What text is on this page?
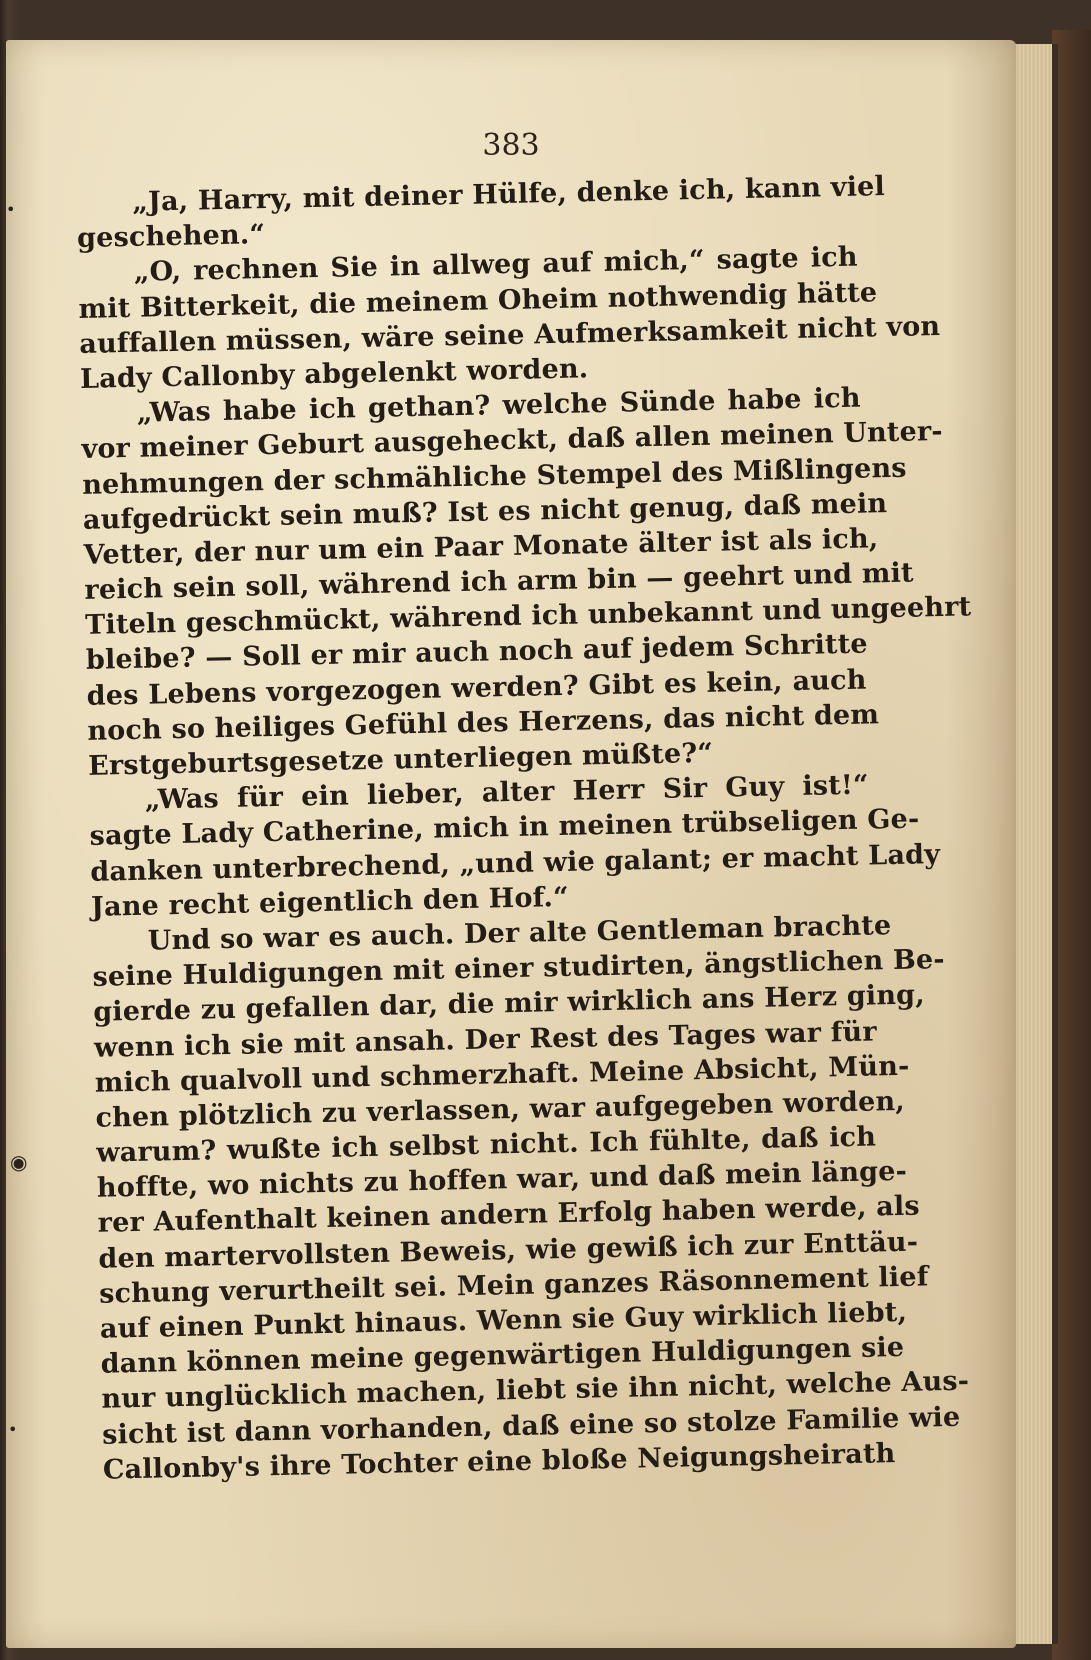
383
„Ja, Harry, mit deiner Hülfe, denke ich, kann viel
geschehen.“
„O, rechnen Sie in allweg auf mich,“ sagte ich
mit Bitterkeit, die meinem Oheim nothwendig hätte
auffallen müssen, wäre seine Aufmerksamkeit nicht von
Lady Callonby abgelenkt worden.
„Was habe ich gethan? welche Sünde habe ich
vor meiner Geburt ausgeheckt, daß allen meinen Unter-
nehmungen der schmähliche Stempel des Mißlingens
aufgedrückt sein muß? Ist es nicht genug, daß mein
Vetter, der nur um ein Paar Monate älter ist als ich,
reich sein soll, während ich arm bin — geehrt und mit
Titeln geschmückt, während ich unbekannt und ungeehrt
bleibe? — Soll er mir auch noch auf jedem Schritte
des Lebens vorgezogen werden? Gibt es kein, auch
noch so heiliges Gefühl des Herzens, das nicht dem
Erstgeburtsgesetze unterliegen müßte?“
„Was für ein lieber, alter Herr Sir Guy ist!“
sagte Lady Catherine, mich in meinen trübseligen Ge-
danken unterbrechend, „und wie galant; er macht Lady
Jane recht eigentlich den Hof.“
Und so war es auch. Der alte Gentleman brachte
seine Huldigungen mit einer studirten, ängstlichen Be-
gierde zu gefallen dar, die mir wirklich ans Herz ging,
wenn ich sie mit ansah. Der Rest des Tages war für
mich qualvoll und schmerzhaft. Meine Absicht, Mün-
chen plötzlich zu verlassen, war aufgegeben worden,
warum? wußte ich selbst nicht. Ich fühlte, daß ich
hoffte, wo nichts zu hoffen war, und daß mein länge-
rer Aufenthalt keinen andern Erfolg haben werde, als
den martervollsten Beweis, wie gewiß ich zur Enttäu-
schung verurtheilt sei. Mein ganzes Räsonnement lief
auf einen Punkt hinaus. Wenn sie Guy wirklich liebt,
dann können meine gegenwärtigen Huldigungen sie
nur unglücklich machen, liebt sie ihn nicht, welche Aus-
sicht ist dann vorhanden, daß eine so stolze Familie wie
Callonby's ihre Tochter eine bloße Neigungsheirath
•
◉
•
